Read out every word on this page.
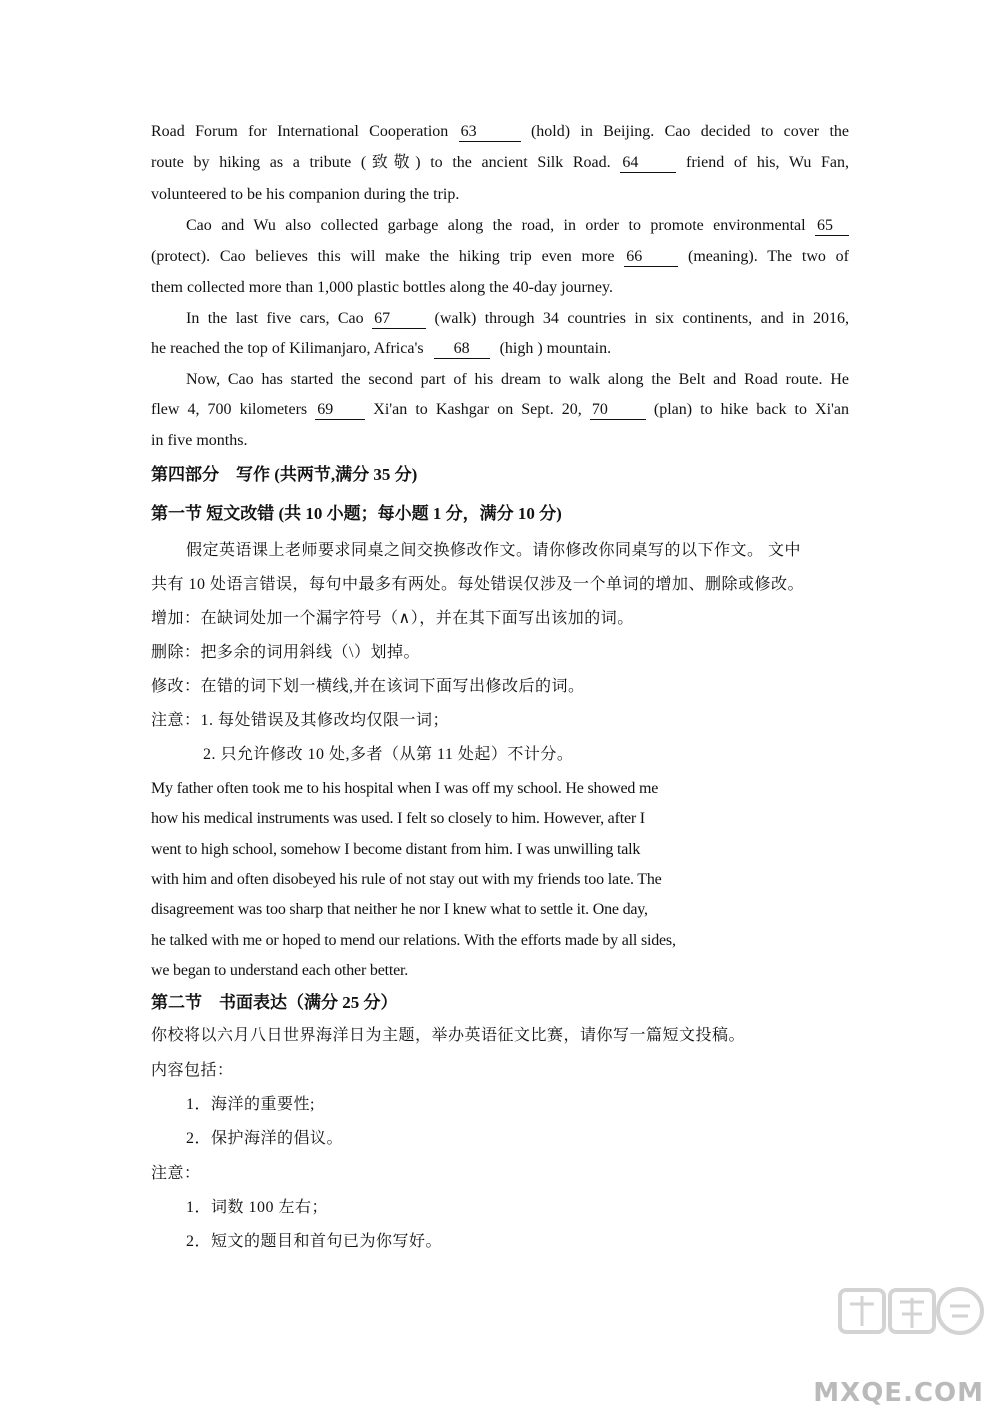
Road Forum for International Cooperation 63	(hold) in Beijing. Cao decided to cover the
route by hiking as a tribute (致敬) to the ancient Silk Road. 64	friend of his, Wu Fan,
volunteered to be his companion during the trip.
Cao and Wu also collected garbage along the road, in order to promote environmental 65
(protect). Cao believes this will make the hiking trip even more 66	(meaning). The two of
them collected more than 1,000 plastic bottles along the 40-day journey.
In the last five cars, Cao 67	(walk) through 34 countries in six continents, and in 2016,
he reached the top of Kilimanjaro, Africa's 68 (high ) mountain.
Now, Cao has started the second part of his dream to walk along the Belt and Road route. He
flew 4, 700 kilometers 69	Xi'an to Kashgar on Sept. 20, 70	(plan) to hike back to Xi'an
in five months.
第四部分　写作 (共两节,满分 35 分)
第一节 短文改错 (共 10 小题；每小题 1 分，满分 10 分)
假定英语课上老师要求同桌之间交换修改作文。请你修改你同桌写的以下作文。 文中
共有 10 处语言错误，每句中最多有两处。每处错误仅涉及一个单词的增加、删除或修改。
增加：在缺词处加一个漏字符号（∧），并在其下面写出该加的词。
删除：把多余的词用斜线（\）划掉。
修改：在错的词下划一横线,并在该词下面写出修改后的词。
注意：1. 每处错误及其修改均仅限一词；
2. 只允许修改 10 处,多者（从第 11 处起）不计分。
My father often took me to his hospital when I was off my school. He showed me
how his medical instruments was used. I felt so closely to him. However, after I
went to high school, somehow I become distant from him. I was unwilling talk
with him and often disobeyed his rule of not stay out with my friends too late. The
disagreement was too sharp that neither he nor I knew what to settle it. One day,
he talked with me or hoped to mend our relations. With the efforts made by all sides,
we began to understand each other better.
第二节　书面表达（满分 25 分）
你校将以六月八日世界海洋日为主题，举办英语征文比赛，请你写一篇短文投稿。
内容包括：
1．海洋的重要性;
2．保护海洋的倡议。
注意：
1．词数 100 左右；
2．短文的题目和首句已为你写好。
MXQE.COM
